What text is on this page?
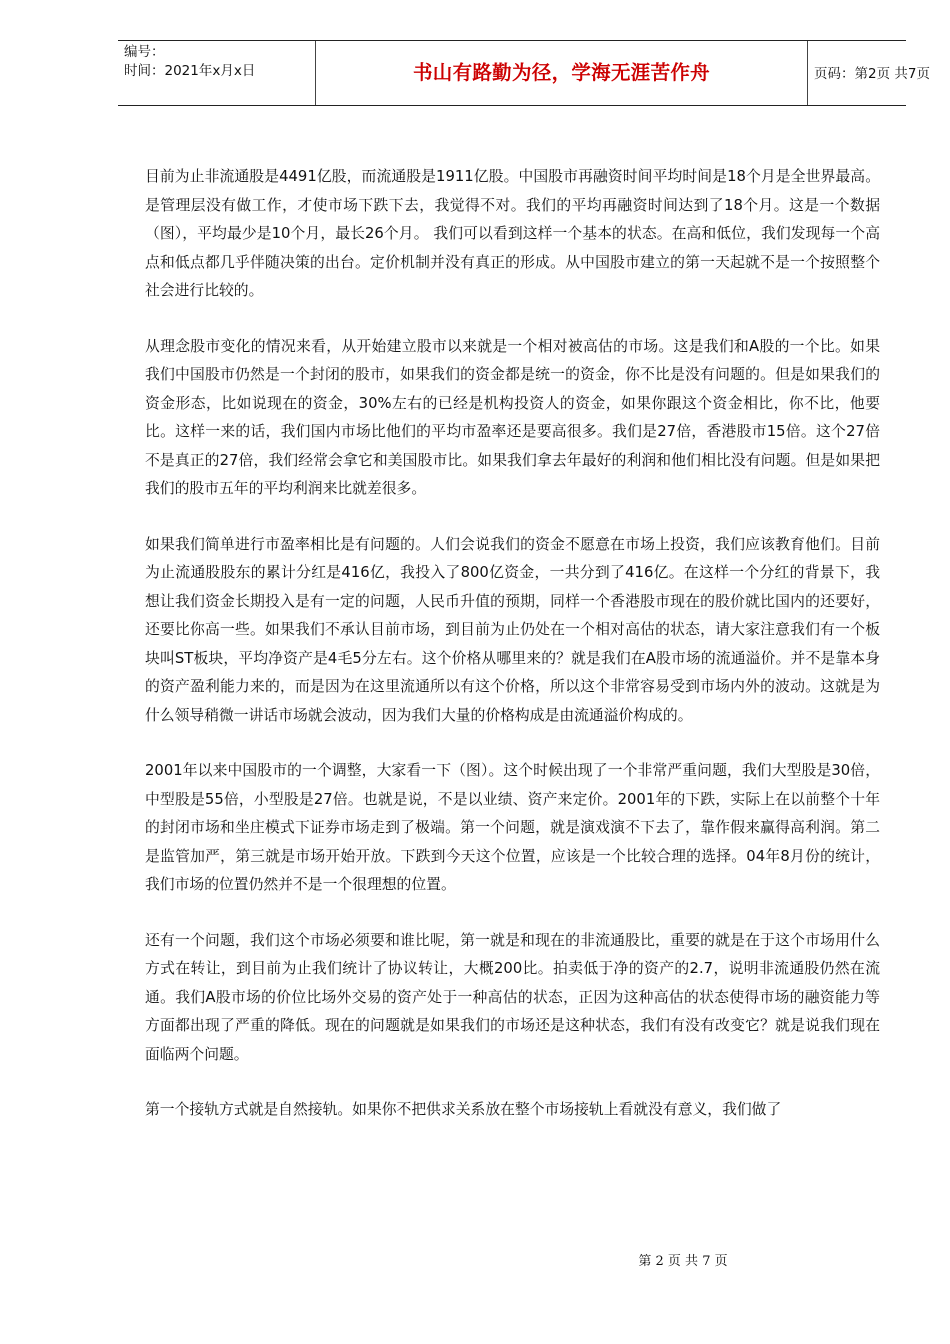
编号：
时间：2021年x月x日	书山有路勤为径，学海无涯苦作舟	页码：第2页 共7页

目前为止非流通股是4491亿股，而流通股是1911亿股。中国股市再融资时间平均时间是18个月是全世界最高。是管理层没有做工作，才使市场下跌下去，我觉得不对。我们的平均再融资时间达到了18个月。这是一个数据（图），平均最少是10个月，最长26个月。 我们可以看到这样一个基本的状态。在高和低位，我们发现每一个高点和低点都几乎伴随决策的出台。定价机制并没有真正的形成。从中国股市建立的第一天起就不是一个按照整个社会进行比较的。

从理念股市变化的情况来看，从开始建立股市以来就是一个相对被高估的市场。这是我们和A股的一个比。如果我们中国股市仍然是一个封闭的股市，如果我们的资金都是统一的资金，你不比是没有问题的。但是如果我们的资金形态，比如说现在的资金，30%左右的已经是机构投资人的资金，如果你跟这个资金相比，你不比，他要比。这样一来的话，我们国内市场比他们的平均市盈率还是要高很多。我们是27倍，香港股市15倍。这个27倍不是真正的27倍，我们经常会拿它和美国股市比。如果我们拿去年最好的利润和他们相比没有问题。但是如果把我们的股市五年的平均利润来比就差很多。

如果我们简单进行市盈率相比是有问题的。人们会说我们的资金不愿意在市场上投资，我们应该教育他们。目前为止流通股股东的累计分红是416亿，我投入了800亿资金，一共分到了416亿。在这样一个分红的背景下，我想让我们资金长期投入是有一定的问题，人民币升值的预期，同样一个香港股市现在的股价就比国内的还要好，还要比你高一些。如果我们不承认目前市场，到目前为止仍处在一个相对高估的状态，请大家注意我们有一个板块叫ST板块，平均净资产是4毛5分左右。这个价格从哪里来的？就是我们在A股市场的流通溢价。并不是靠本身的资产盈利能力来的，而是因为在这里流通所以有这个价格，所以这个非常容易受到市场内外的波动。这就是为什么领导稍微一讲话市场就会波动，因为我们大量的价格构成是由流通溢价构成的。

2001年以来中国股市的一个调整，大家看一下（图）。这个时候出现了一个非常严重问题，我们大型股是30倍，中型股是55倍，小型股是27倍。也就是说，不是以业绩、资产来定价。2001年的下跌，实际上在以前整个十年的封闭市场和坐庄模式下证券市场走到了极端。第一个问题，就是演戏演不下去了，靠作假来赢得高利润。第二是监管加严，第三就是市场开始开放。下跌到今天这个位置，应该是一个比较合理的选择。04年8月份的统计，我们市场的位置仍然并不是一个很理想的位置。

还有一个问题，我们这个市场必须要和谁比呢，第一就是和现在的非流通股比，重要的就是在于这个市场用什么方式在转让，到目前为止我们统计了协议转让，大概200比。拍卖低于净的资产的2.7，说明非流通股仍然在流通。我们A股市场的价位比场外交易的资产处于一种高估的状态，正因为这种高估的状态使得市场的融资能力等方面都出现了严重的降低。现在的问题就是如果我们的市场还是这种状态，我们有没有改变它？就是说我们现在面临两个问题。

第一个接轨方式就是自然接轨。如果你不把供求关系放在整个市场接轨上看就没有意义，我们做了

第 2 页 共 7 页
